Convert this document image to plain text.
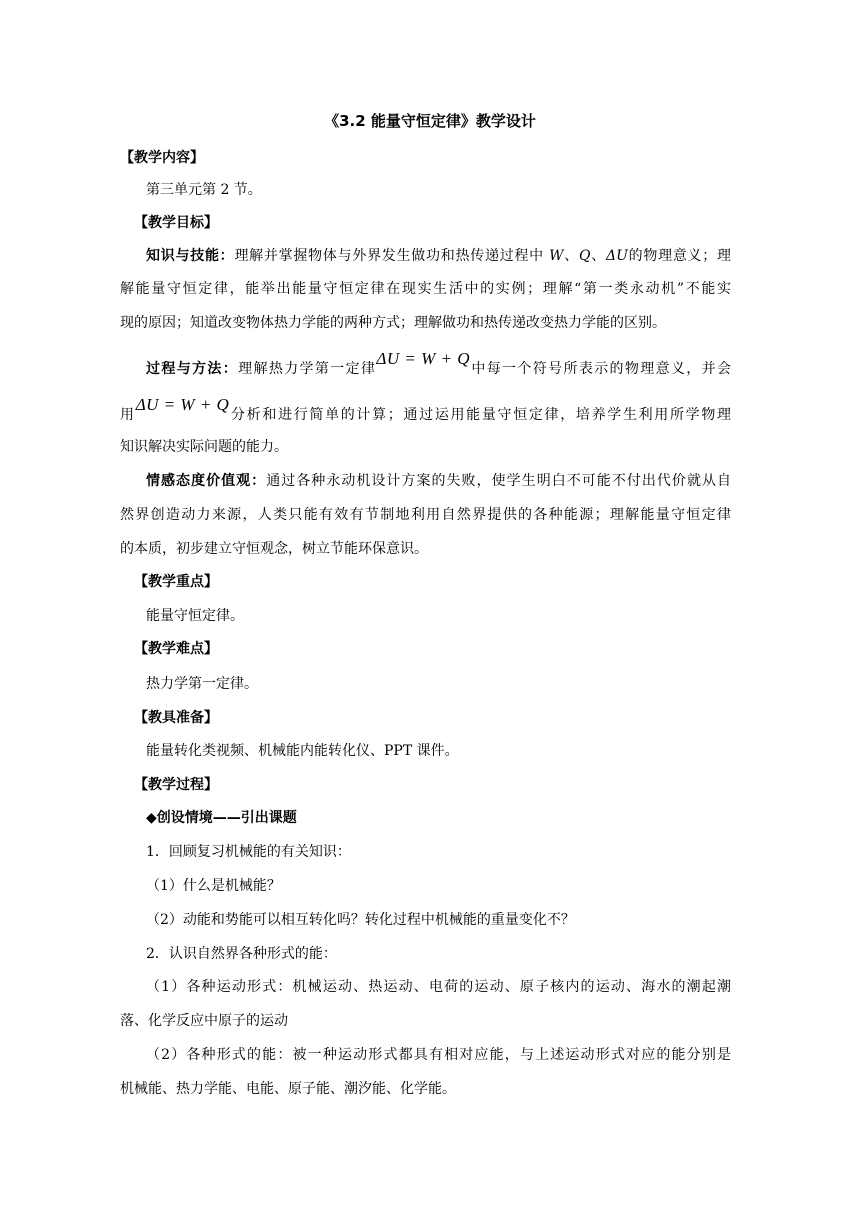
《3.2 能量守恒定律》教学设计
【教学内容】
第三单元第 2 节。
【教学目标】
知识与技能：理解并掌握物体与外界发生做功和热传递过程中 W、Q、ΔU的物理意义；理
解能量守恒定律，能举出能量守恒定律在现实生活中的实例；理解“第一类永动机”不能实
现的原因；知道改变物体热力学能的两种方式；理解做功和热传递改变热力学能的区别。
过程与方法：理解热力学第一定律ΔU = W + Q中每一个符号所表示的物理意义，并会
用ΔU = W + Q分析和进行简单的计算；通过运用能量守恒定律，培养学生利用所学物理
知识解决实际问题的能力。
情感态度价值观：通过各种永动机设计方案的失败，使学生明白不可能不付出代价就从自
然界创造动力来源，人类只能有效有节制地利用自然界提供的各种能源；理解能量守恒定律
的本质，初步建立守恒观念，树立节能环保意识。
【教学重点】
能量守恒定律。
【教学难点】
热力学第一定律。
【教具准备】
能量转化类视频、机械能内能转化仪、PPT 课件。
【教学过程】
◆创设情境——引出课题
1．回顾复习机械能的有关知识：
（1）什么是机械能？
（2）动能和势能可以相互转化吗？转化过程中机械能的重量变化不？
2．认识自然界各种形式的能：
（1）各种运动形式：机械运动、热运动、电荷的运动、原子核内的运动、海水的潮起潮
落、化学反应中原子的运动
（2）各种形式的能：被一种运动形式都具有相对应能，与上述运动形式对应的能分别是
机械能、热力学能、电能、原子能、潮汐能、化学能。
